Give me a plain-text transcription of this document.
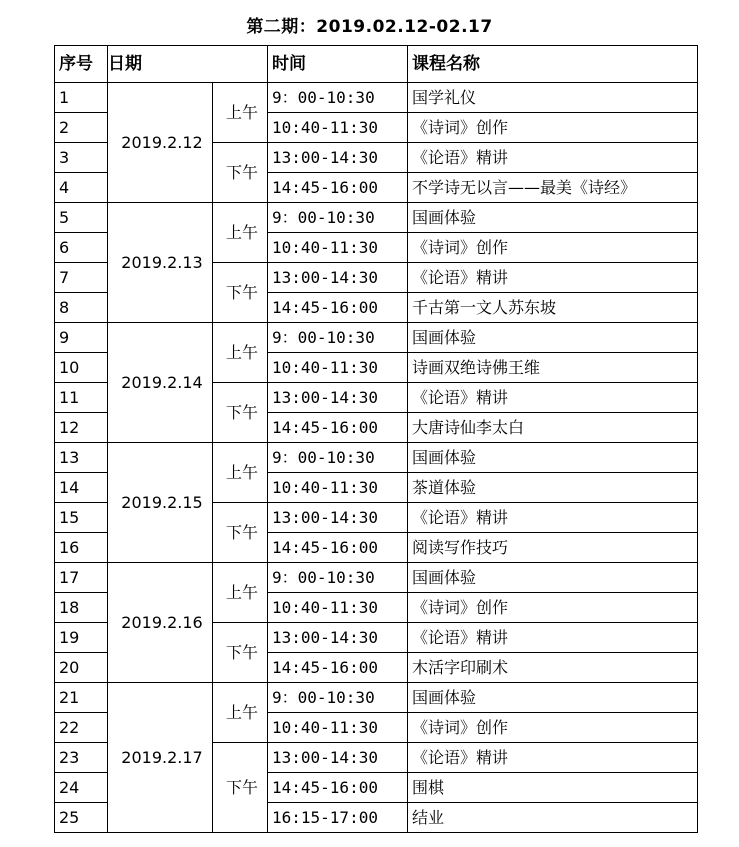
第二期：2019.02.12-02.17
序号	日期		时间	课程名称
1	2019.2.12	上午	9：00-10:30	国学礼仪
2			10:40-11:30	《诗词》创作
3		下午	13:00-14:30	《论语》精讲
4			14:45-16:00	不学诗无以言——最美《诗经》
5	2019.2.13	上午	9：00-10:30	国画体验
6			10:40-11:30	《诗词》创作
7		下午	13:00-14:30	《论语》精讲
8			14:45-16:00	千古第一文人苏东坡
9	2019.2.14	上午	9：00-10:30	国画体验
10			10:40-11:30	诗画双绝诗佛王维
11		下午	13:00-14:30	《论语》精讲
12			14:45-16:00	大唐诗仙李太白
13	2019.2.15	上午	9：00-10:30	国画体验
14			10:40-11:30	茶道体验
15		下午	13:00-14:30	《论语》精讲
16			14:45-16:00	阅读写作技巧
17	2019.2.16	上午	9：00-10:30	国画体验
18			10:40-11:30	《诗词》创作
19		下午	13:00-14:30	《论语》精讲
20			14:45-16:00	木活字印刷术
21	2019.2.17	上午	9：00-10:30	国画体验
22			10:40-11:30	《诗词》创作
23		下午	13:00-14:30	《论语》精讲
24			14:45-16:00	围棋
25			16:15-17:00	结业
